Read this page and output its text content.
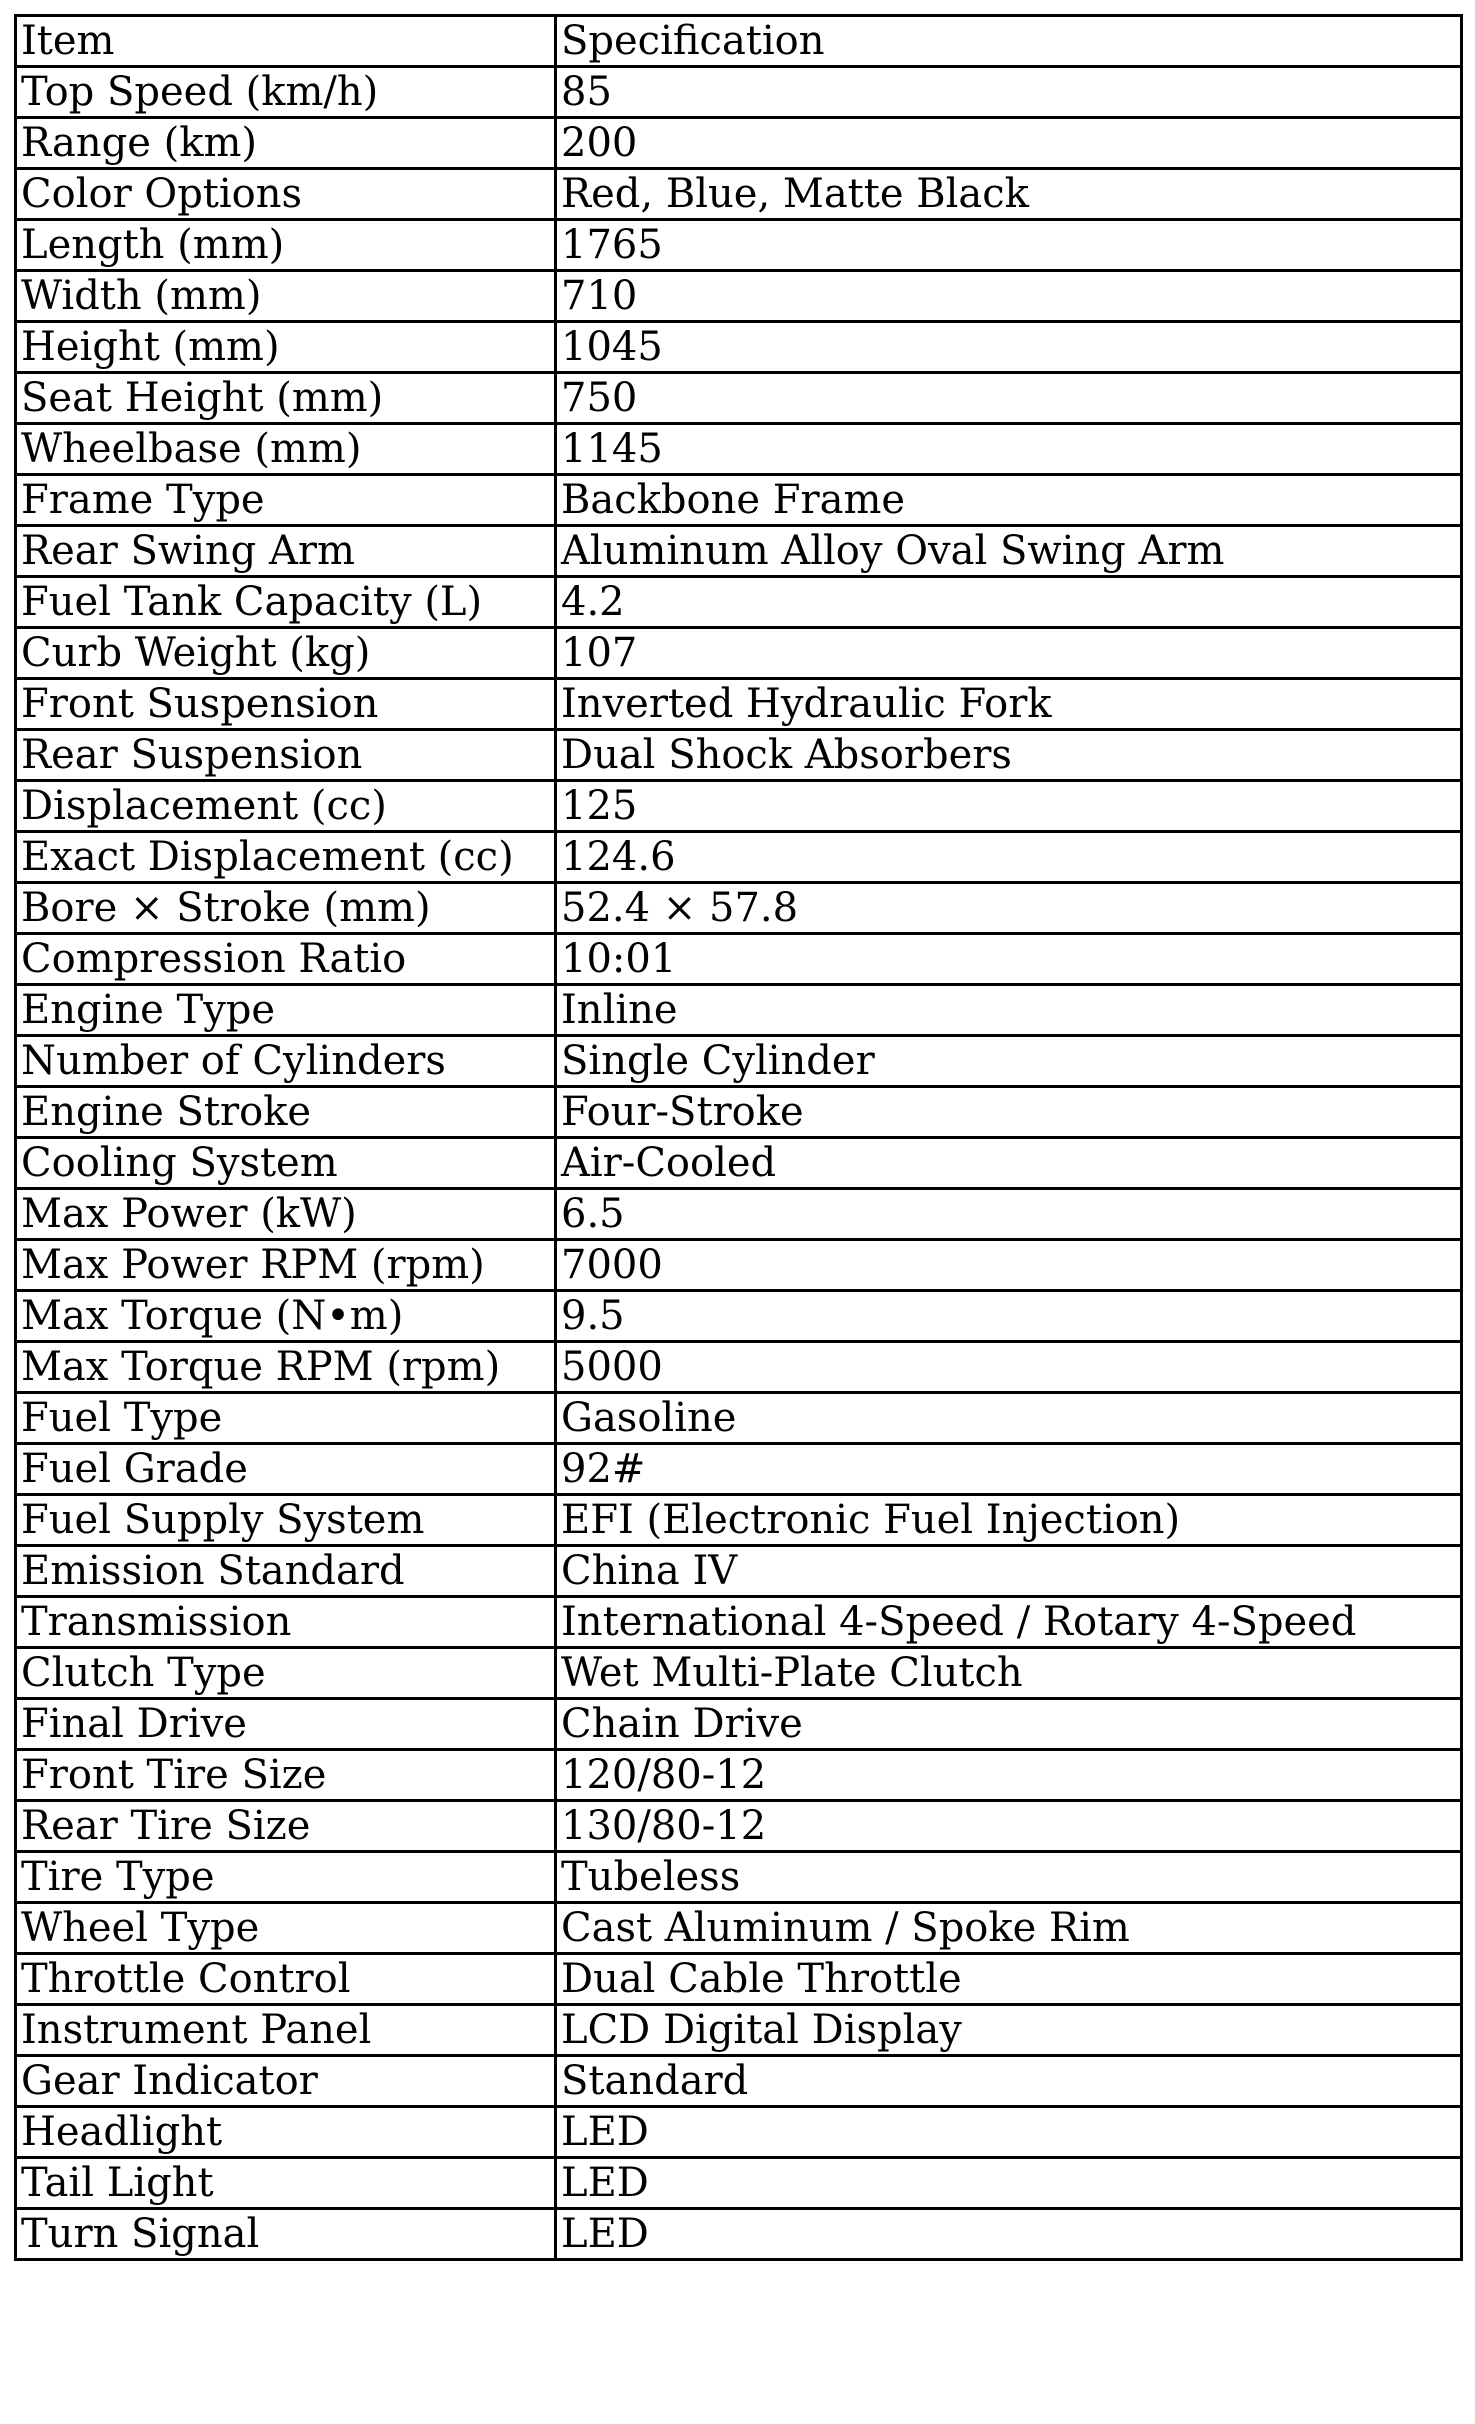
Item	Specification
Top Speed (km/h)	85
Range (km)	200
Color Options	Red, Blue, Matte Black
Length (mm)	1765
Width (mm)	710
Height (mm)	1045
Seat Height (mm)	750
Wheelbase (mm)	1145
Frame Type	Backbone Frame
Rear Swing Arm	Aluminum Alloy Oval Swing Arm
Fuel Tank Capacity (L)	4.2
Curb Weight (kg)	107
Front Suspension	Inverted Hydraulic Fork
Rear Suspension	Dual Shock Absorbers
Displacement (cc)	125
Exact Displacement (cc)	124.6
Bore × Stroke (mm)	52.4 × 57.8
Compression Ratio	10:01
Engine Type	Inline
Number of Cylinders	Single Cylinder
Engine Stroke	Four-Stroke
Cooling System	Air-Cooled
Max Power (kW)	6.5
Max Power RPM (rpm)	7000
Max Torque (N•m)	9.5
Max Torque RPM (rpm)	5000
Fuel Type	Gasoline
Fuel Grade	92#
Fuel Supply System	EFI (Electronic Fuel Injection)
Emission Standard	China IV
Transmission	International 4-Speed / Rotary 4-Speed
Clutch Type	Wet Multi-Plate Clutch
Final Drive	Chain Drive
Front Tire Size	120/80-12
Rear Tire Size	130/80-12
Tire Type	Tubeless
Wheel Type	Cast Aluminum / Spoke Rim
Throttle Control	Dual Cable Throttle
Instrument Panel	LCD Digital Display
Gear Indicator	Standard
Headlight	LED
Tail Light	LED
Turn Signal	LED
